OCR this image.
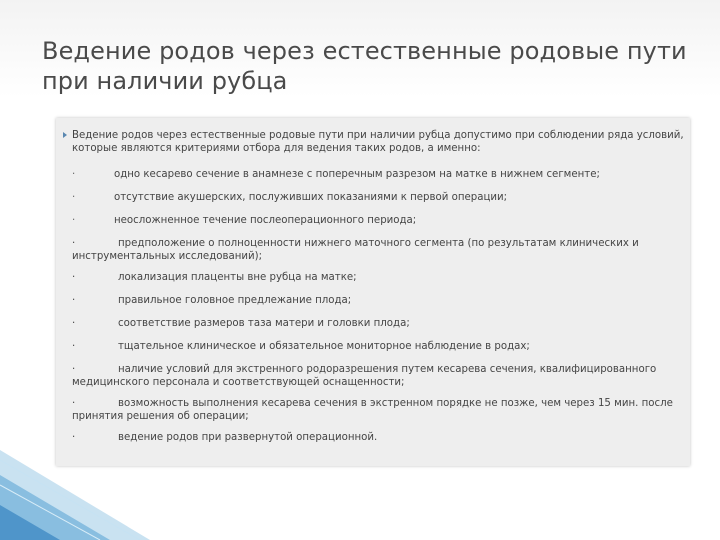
Ведение родов через естественные родовые пути при наличии рубца
Ведение родов через естественные родовые пути при наличии рубца допустимо при соблюдении ряда условий, которые являются критериями отбора для ведения таких родов, а именно:
·	одно кесарево сечение в анамнезе с поперечным разрезом на матке в нижнем сегменте;
·	отсутствие акушерских, послуживших показаниями к первой операции;
·	неосложненное течение послеоперационного периода;
·	предположение о полноценности нижнего маточного сегмента (по результатам клинических и инструментальных исследований);
·	локализация плаценты вне рубца на матке;
·	правильное головное предлежание плода;
·	соответствие размеров таза матери и головки плода;
·	тщательное клиническое и обязательное мониторное наблюдение в родах;
·	наличие условий для экстренного родоразрешения путем кесарева сечения, квалифицированного медицинского персонала и соответствующей оснащенности;
·	возможность выполнения кесарева сечения в экстренном порядке не позже, чем через 15 мин. после принятия решения об операции;
·	ведение родов при развернутой операционной.
